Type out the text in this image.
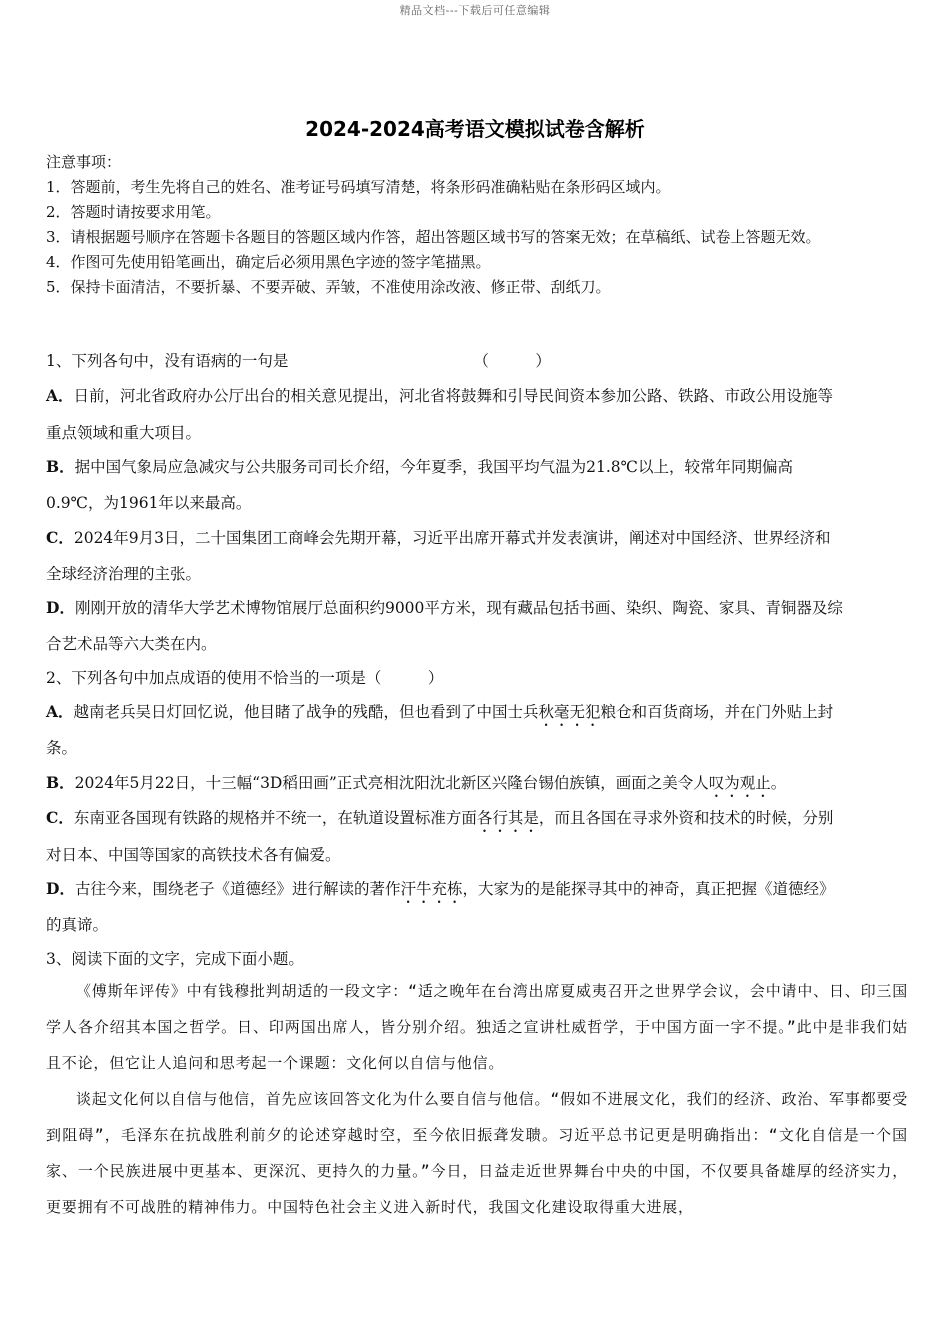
精品文档---下载后可任意编辑
2024-2024高考语文模拟试卷含解析
注意事项：
1．答题前，考生先将自己的姓名、准考证号码填写清楚，将条形码准确粘贴在条形码区域内。
2．答题时请按要求用笔。
3．请根据题号顺序在答题卡各题目的答题区域内作答，超出答题区域书写的答案无效；在草稿纸、试卷上答题无效。
4．作图可先使用铅笔画出，确定后必须用黑色字迹的签字笔描黑。
5．保持卡面清洁，不要折暴、不要弄破、弄皱，不准使用涂改液、修正带、刮纸刀。
1、下列各句中，没有语病的一句是	（　　　）
A．日前，河北省政府办公厅出台的相关意见提出，河北省将鼓舞和引导民间资本参加公路、铁路、市政公用设施等
重点领域和重大项目。
B．据中国气象局应急减灾与公共服务司司长介绍，今年夏季，我国平均气温为21.8℃以上，较常年同期偏高
0.9℃，为1961年以来最高。
C．2024年9月3日，二十国集团工商峰会先期开幕，习近平出席开幕式并发表演讲，阐述对中国经济、世界经济和
全球经济治理的主张。
D．刚刚开放的清华大学艺术博物馆展厅总面积约9000平方米，现有藏品包括书画、染织、陶瓷、家具、青铜器及综
合艺术品等六大类在内。
2、下列各句中加点成语的使用不恰当的一项是（　　　）
A．越南老兵吴日灯回忆说，他目睹了战争的残酷，但也看到了中国士兵秋毫无犯粮仓和百货商场，并在门外贴上封
条。
B．2024年5月22日，十三幅“3D稻田画”正式亮相沈阳沈北新区兴隆台锡伯族镇，画面之美令人叹为观止。
C．东南亚各国现有铁路的规格并不统一，在轨道设置标准方面各行其是，而且各国在寻求外资和技术的时候，分别
对日本、中国等国家的高铁技术各有偏爱。
D．古往今来，围绕老子《道德经》进行解读的著作汗牛充栋，大家为的是能探寻其中的神奇，真正把握《道德经》
的真谛。
3、阅读下面的文字，完成下面小题。

《傅斯年评传》中有钱穆批判胡适的一段文字：“适之晚年在台湾出席夏威夷召开之世界学会议，会中请中、日、印三国学人各介绍其本国之哲学。日、印两国出席人，皆分别介绍。独适之宣讲杜威哲学，于中国方面一字不提。”此中是非我们姑且不论，但它让人追问和思考起一个课题：文化何以自信与他信。

谈起文化何以自信与他信，首先应该回答文化为什么要自信与他信。“假如不进展文化，我们的经济、政治、军事都要受到阻碍”，毛泽东在抗战胜利前夕的论述穿越时空，至今依旧振聋发聩。习近平总书记更是明确指出：“文化自信是一个国家、一个民族进展中更基本、更深沉、更持久的力量。”今日，日益走近世界舞台中央的中国，不仅要具备雄厚的经济实力，更要拥有不可战胜的精神伟力。中国特色社会主义进入新时代，我国文化建设取得重大进展，
